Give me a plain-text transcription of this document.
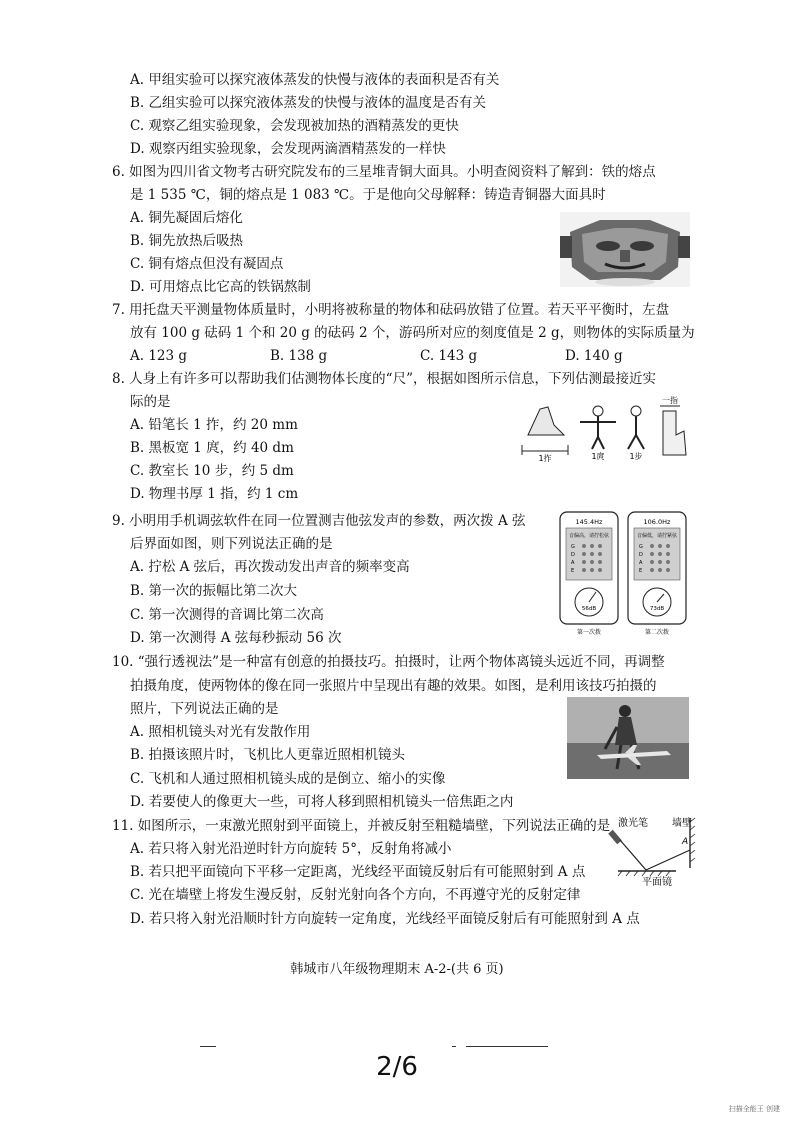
A. 甲组实验可以探究液体蒸发的快慢与液体的表面积是否有关
B. 乙组实验可以探究液体蒸发的快慢与液体的温度是否有关
C. 观察乙组实验现象，会发现被加热的酒精蒸发的更快
D. 观察丙组实验现象，会发现两滴酒精蒸发的一样快
6. 如图为四川省文物考古研究院发布的三星堆青铜大面具。小明查阅资料了解到：铁的熔点
是 1 535 ℃，铜的熔点是 1 083 ℃。于是他向父母解释：铸造青铜器大面具时
A. 铜先凝固后熔化
B. 铜先放热后吸热
C. 铜有熔点但没有凝固点
D. 可用熔点比它高的铁锅熬制
7. 用托盘天平测量物体质量时，小明将被称量的物体和砝码放错了位置。若天平平衡时，左盘
放有 100 g 砝码 1 个和 20 g 的砝码 2 个，游码所对应的刻度值是 2 g，则物体的实际质量为
A. 123 g	B. 138 g	C. 143 g	D. 140 g
8. 人身上有许多可以帮助我们估测物体长度的“尺”，根据如图所示信息，下列估测最接近实
际的是
A. 铅笔长 1 拃，约 20 mm
B. 黑板宽 1 庹，约 40 dm
C. 教室长 10 步，约 5 dm
D. 物理书厚 1 指，约 1 cm
1拃	1庹	1步
一指
9. 小明用手机调弦软件在同一位置测吉他弦发声的参数，两次拨 A 弦
后界面如图，则下列说法正确的是
A. 拧松 A 弦后，再次拨动发出声音的频率变高
B. 第一次的振幅比第二次大
C. 第一次测得的音调比第二次高
D. 第一次测得 A 弦每秒振动 56 次
145.4Hz
音偏高，请拧松弦
G
D
A
E
56dB
第一次拨
106.0Hz
音偏低，请拧紧弦
G
D
A
E
73dB
第二次拨
10. “强行透视法”是一种富有创意的拍摄技巧。拍摄时，让两个物体离镜头远近不同，再调整
拍摄角度，使两物体的像在同一张照片中呈现出有趣的效果。如图，是利用该技巧拍摄的
照片，下列说法正确的是
A. 照相机镜头对光有发散作用
B. 拍摄该照片时，飞机比人更靠近照相机镜头
C. 飞机和人通过照相机镜头成的是倒立、缩小的实像
D. 若要使人的像更大一些，可将人移到照相机镜头一倍焦距之内
11. 如图所示，一束激光照射到平面镜上，并被反射至粗糙墙壁，下列说法正确的是
A. 若只将入射光沿逆时针方向旋转 5°，反射角将减小
B. 若只把平面镜向下平移一定距离，光线经平面镜反射后有可能照射到 A 点
C. 光在墙壁上将发生漫反射，反射光射向各个方向，不再遵守光的反射定律
D. 若只将入射光沿顺时针方向旋转一定角度，光线经平面镜反射后有可能照射到 A 点
激光笔 墙壁
A
平面镜
韩城市八年级物理期末 A-2-(共 6 页)
2/6
扫描全能王 创建
